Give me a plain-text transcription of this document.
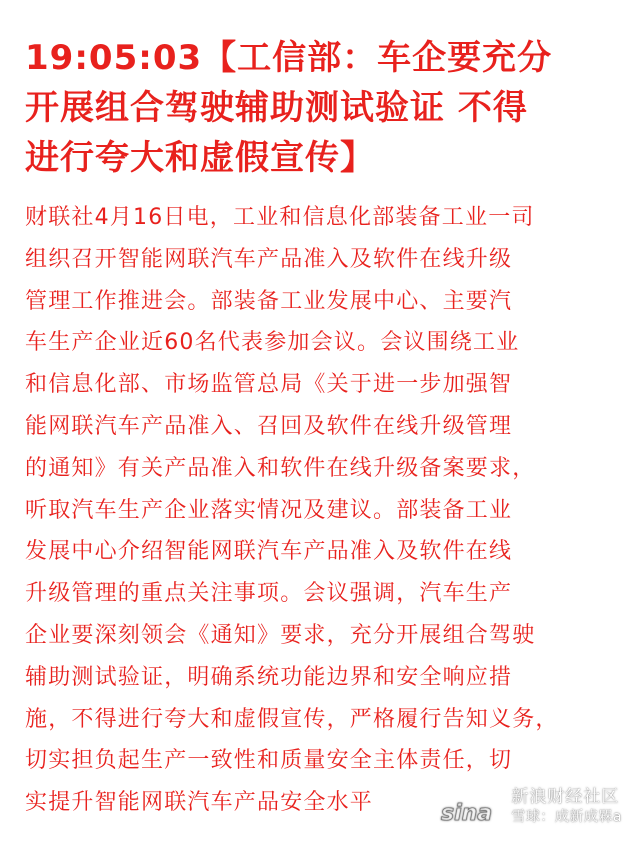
19:05:03【工信部：车企要充分
开展组合驾驶辅助测试验证 不得
进行夸大和虚假宣传】

财联社4月16日电，工业和信息化部装备工业一司
组织召开智能网联汽车产品准入及软件在线升级
管理工作推进会。部装备工业发展中心、主要汽
车生产企业近60名代表参加会议。会议围绕工业
和信息化部、市场监管总局《关于进一步加强智
能网联汽车产品准入、召回及软件在线升级管理
的通知》有关产品准入和软件在线升级备案要求，
听取汽车生产企业落实情况及建议。部装备工业
发展中心介绍智能网联汽车产品准入及软件在线
升级管理的重点关注事项。会议强调，汽车生产
企业要深刻领会《通知》要求，充分开展组合驾驶
辅助测试验证，明确系统功能边界和安全响应措
施，不得进行夸大和虚假宣传，严格履行告知义务，
切实担负起生产一致性和质量安全主体责任，切
实提升智能网联汽车产品安全水平	sina
新浪财经社区
雪球：成新成槑a
